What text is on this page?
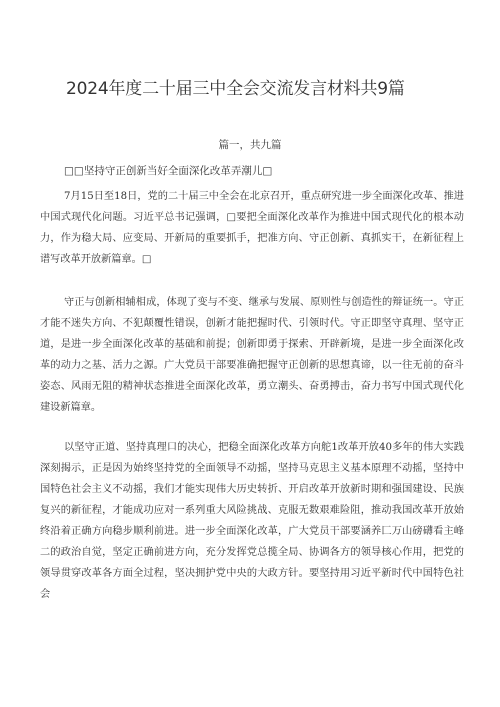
2024年度二十届三中全会交流发言材料共9篇
篇一，共九篇
□□坚持守正创新当好全面深化改革弄潮儿□

7月15日至18日，党的二十届三中全会在北京召开，重点研究进一步全面深化改革、推进中国式现代化问题。习近平总书记强调，□要把全面深化改革作为推进中国式现代化的根本动力，作为稳大局、应变局、开新局的重要抓手，把准方向、守正创新、真抓实干，在新征程上谱写改革开放新篇章。□

守正与创新相辅相成，体现了变与不变、继承与发展、原则性与创造性的辩证统一。守正才能不迷失方向、不犯颠覆性错误，创新才能把握时代、引领时代。守正即坚守真理、坚守正道，是进一步全面深化改革的基础和前提；创新即勇于探索、开辟新境，是进一步全面深化改革的动力之基、活力之源。广大党员干部要准确把握守正创新的思想真谛，以一往无前的奋斗姿态、风雨无阻的精神状态推进全面深化改革，勇立潮头、奋勇搏击，奋力书写中国式现代化建设新篇章。

以坚守正道、坚持真理口的决心，把稳全面深化改革方向舵1改革开放40多年的伟大实践深刻揭示，正是因为始终坚持党的全面领导不动摇，坚持马克思主义基本原理不动摇，坚持中国特色社会主义不动摇，我们才能实现伟大历史转折、开启改革开放新时期和强国建设、民族复兴的新征程，才能成功应对一系列重大风险挑战、克服无数艰难险阻，推动我国改革开放始终沿着正确方向稳步顺利前进。进一步全面深化改革，广大党员干部要涵养匚万山磅礴看主峰二的政治自觉，坚定正确前进方向，充分发挥党总揽全局、协调各方的领导核心作用，把党的领导贯穿改革各方面全过程，坚决拥护党中央的大政方针。要坚持用习近平新时代中国特色社会
